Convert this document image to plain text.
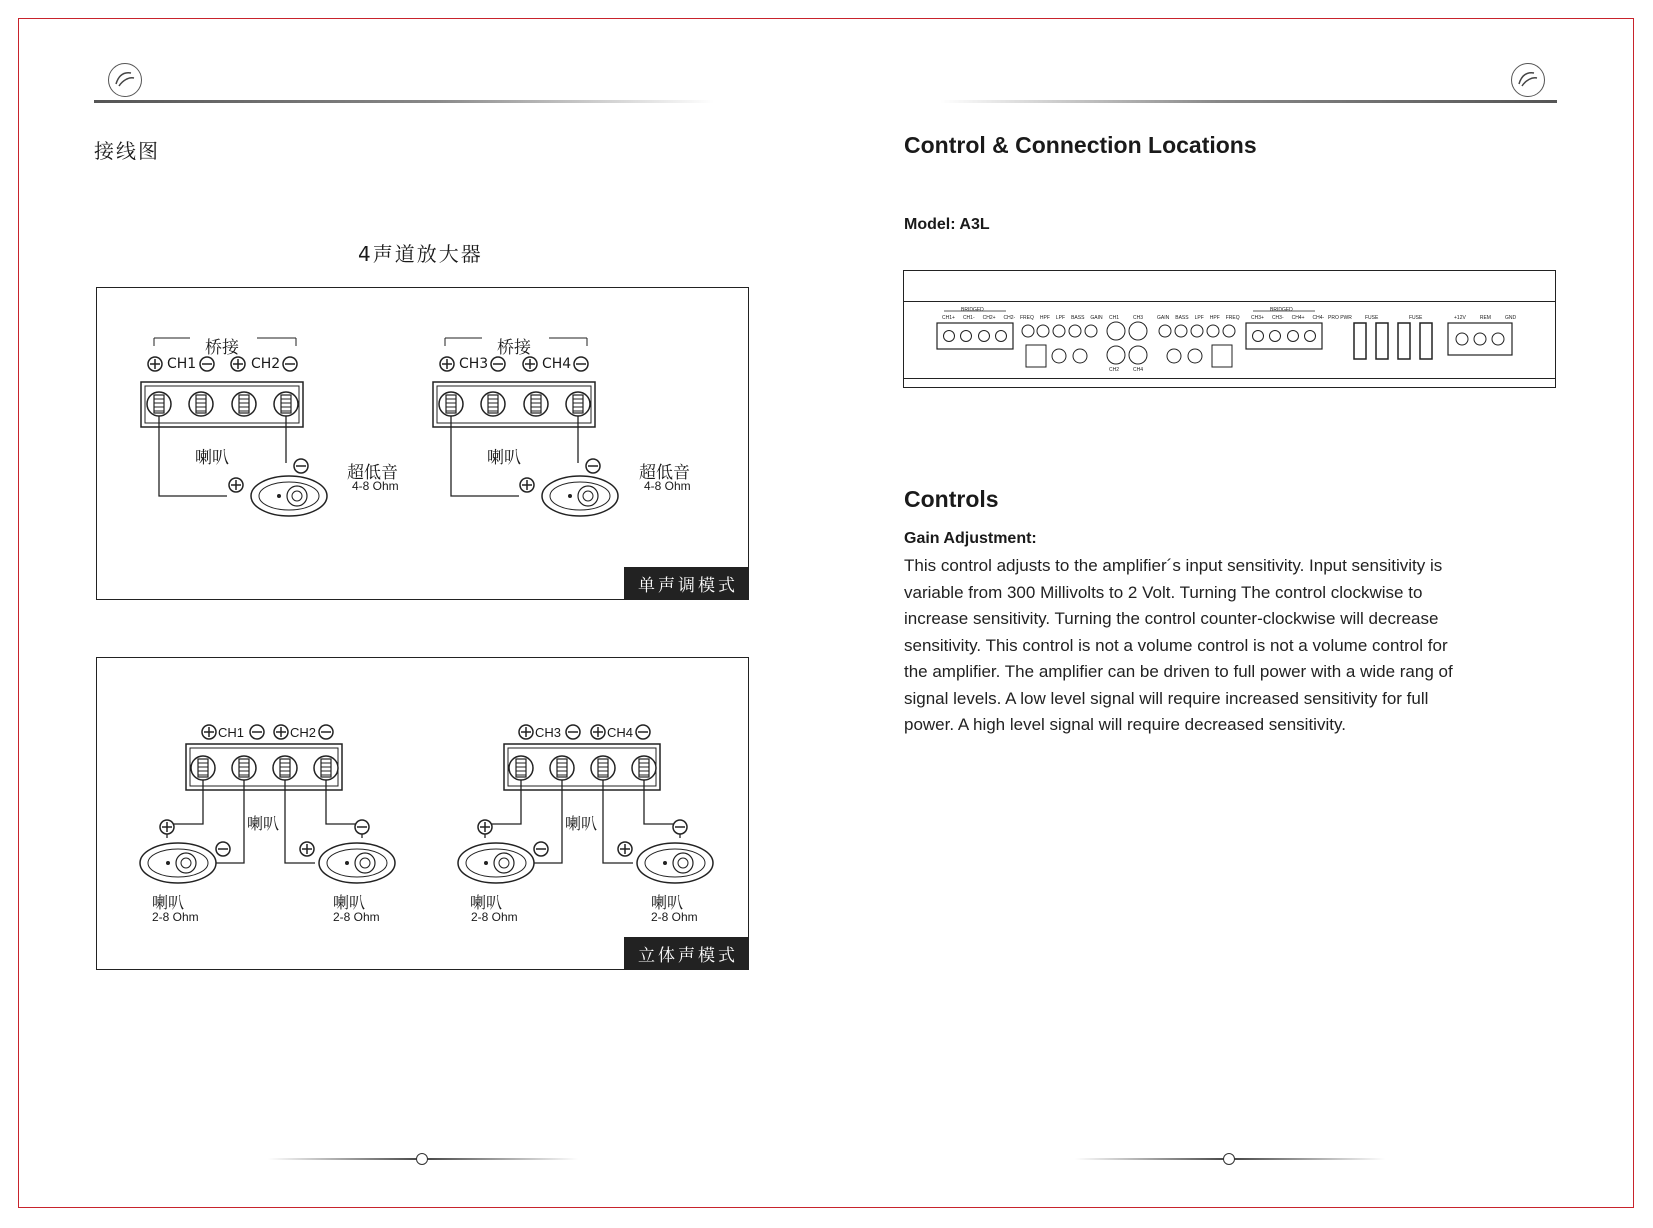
接线图
4声道放大器
桥接
CH1	CH2
喇叭
超低音
4-8 Ohm
桥接
CH3	CH4
喇叭
超低音
4-8 Ohm
单声调模式
CH1	CH2
喇叭
喇叭
2-8 Ohm
喇叭
2-8 Ohm
CH3	CH4
喇叭
喇叭
2-8 Ohm
喇叭
2-8 Ohm
立体声模式
Control & Connection Locations
Model: A3L
BRIDGED	BRIDGED
CH1+ CH1- CH2+ CH2- FREQ HPF LPF BASS GAIN CH1	CH3
CH2	CH4
GAIN BASS LPF HPF FREQ CH3+ CH3- CH4+ CH4- PRO PWR	FUSE	FUSE	+12V	REM	GND
Controls
Gain Adjustment:
This control adjusts to the amplifier´s input sensitivity. Input sensitivity is
variable from 300 Millivolts to 2 Volt. Turning The control clockwise to
increase sensitivity. Turning the control counter-clockwise will decrease
sensitivity. This control is not a volume control is not a volume control for
the amplifier. The amplifier can be driven to full power with a wide rang of
signal levels. A low level signal will require increased sensitivity for full
power. A high level signal will require decreased sensitivity.
